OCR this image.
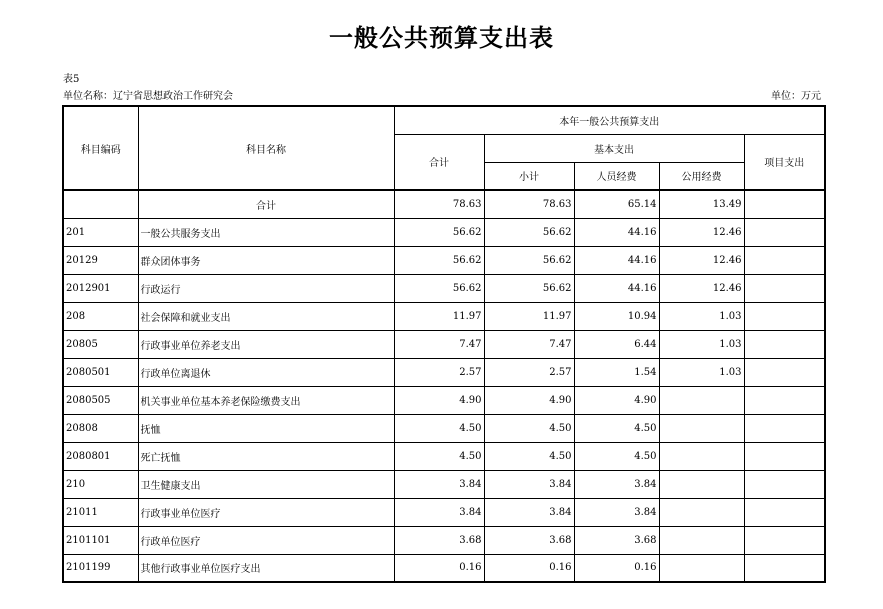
一般公共预算支出表
表5
单位名称：辽宁省思想政治工作研究会	单位：万元
科目编码	科目名称	本年一般公共预算支出				
		合计	基本支出			项目支出
			小计	人员经费	公用经费	
	合计	78.63	78.63	65.14	13.49	
201	一般公共服务支出	56.62	56.62	44.16	12.46	
20129	群众团体事务	56.62	56.62	44.16	12.46	
2012901	行政运行	56.62	56.62	44.16	12.46	
208	社会保障和就业支出	11.97	11.97	10.94	1.03	
20805	行政事业单位养老支出	7.47	7.47	6.44	1.03	
2080501	行政单位离退休	2.57	2.57	1.54	1.03	
2080505	机关事业单位基本养老保险缴费支出	4.90	4.90	4.90		
20808	抚恤	4.50	4.50	4.50		
2080801	死亡抚恤	4.50	4.50	4.50		
210	卫生健康支出	3.84	3.84	3.84		
21011	行政事业单位医疗	3.84	3.84	3.84		
2101101	行政单位医疗	3.68	3.68	3.68		
2101199	其他行政事业单位医疗支出	0.16	0.16	0.16		
